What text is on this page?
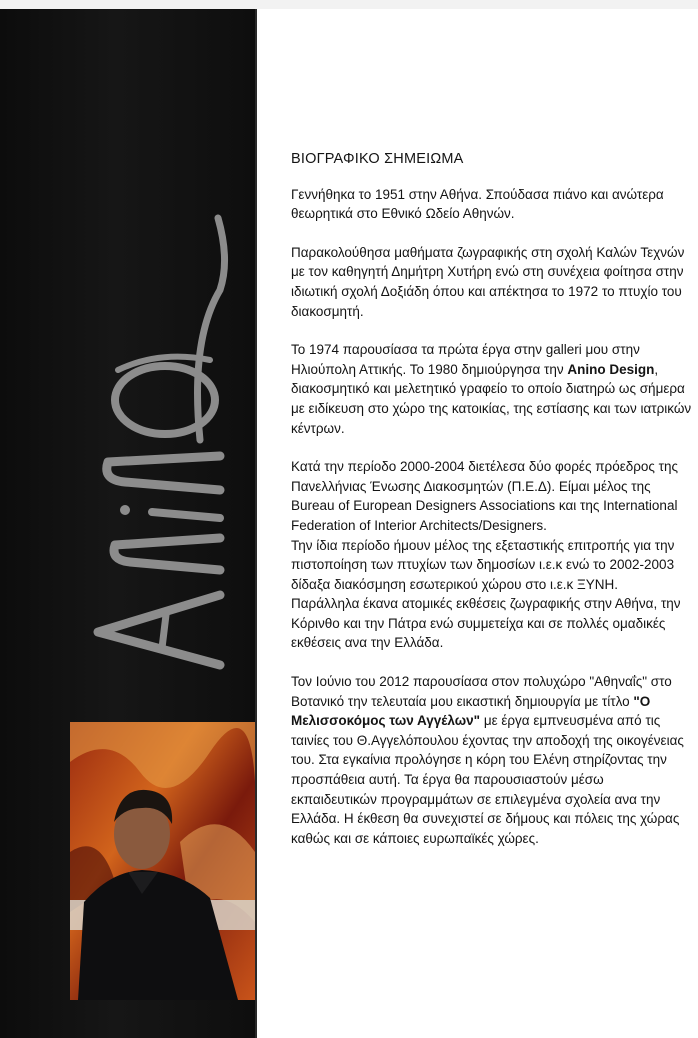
ΒΙΟΓΡΑΦΙΚΟ ΣΗΜΕΙΩΜΑ

Γεννήθηκα το 1951 στην Αθήνα. Σπούδασα πιάνο και ανώτερα θεωρητικά στο Εθνικό Ωδείο Αθηνών.

Παρακολούθησα μαθήματα ζωγραφικής στη σχολή Καλών Τεχνών με τον καθηγητή Δημήτρη Χυτήρη ενώ στη συνέχεια φοίτησα στην ιδιωτική σχολή Δοξιάδη όπου και απέκτησα το 1972 το πτυχίο του διακοσμητή.

Το 1974 παρουσίασα τα πρώτα έργα στην galleri μου στην Ηλιούπολη Αττικής. Το 1980 δημιούργησα την Anino Design, διακοσμητικό και μελετητικό γραφείο το οποίο διατηρώ ως σήμερα με ειδίκευση στο χώρο της κατοικίας, της εστίασης και των ιατρικών κέντρων.

Κατά την περίοδο 2000-2004 διετέλεσα δύο φορές πρόεδρος της Πανελλήνιας Ένωσης Διακοσμητών (Π.Ε.Δ). Είμαι μέλος της Bureau of European Designers Associations και της International Federation of Interior Architects/Designers.

Την ίδια περίοδο ήμουν μέλος της εξεταστικής επιτροπής για την πιστοποίηση των πτυχίων των δημοσίων ι.ε.κ ενώ το 2002-2003 δίδαξα διακόσμηση εσωτερικού χώρου στο ι.ε.κ ΞΥΝΗ.

Παράλληλα έκανα ατομικές εκθέσεις ζωγραφικής στην Αθήνα, την Κόρινθο και την Πάτρα ενώ συμμετείχα και σε πολλές ομαδικές εκθέσεις ανα την Ελλάδα.

Τον Ιούνιο του 2012 παρουσίασα στον πολυχώρο "Αθηναΐς" στο Βοτανικό την τελευταία μου εικαστική δημιουργία με τίτλο "Ο Μελισσοκόμος των Αγγέλων" με έργα εμπνευσμένα από τις ταινίες του Θ.Αγγελόπουλου έχοντας την αποδοχή της οικογένειας του. Στα εγκαίνια προλόγησε η κόρη του Ελένη στηρίζοντας την προσπάθεια αυτή. Τα έργα θα παρουσιαστούν μέσω εκπαιδευτικών προγραμμάτων σε επιλεγμένα σχολεία ανα την Ελλάδα. Η έκθεση θα συνεχιστεί σε δήμους και πόλεις της χώρας καθώς και σε κάποιες ευρωπαϊκές χώρες.
